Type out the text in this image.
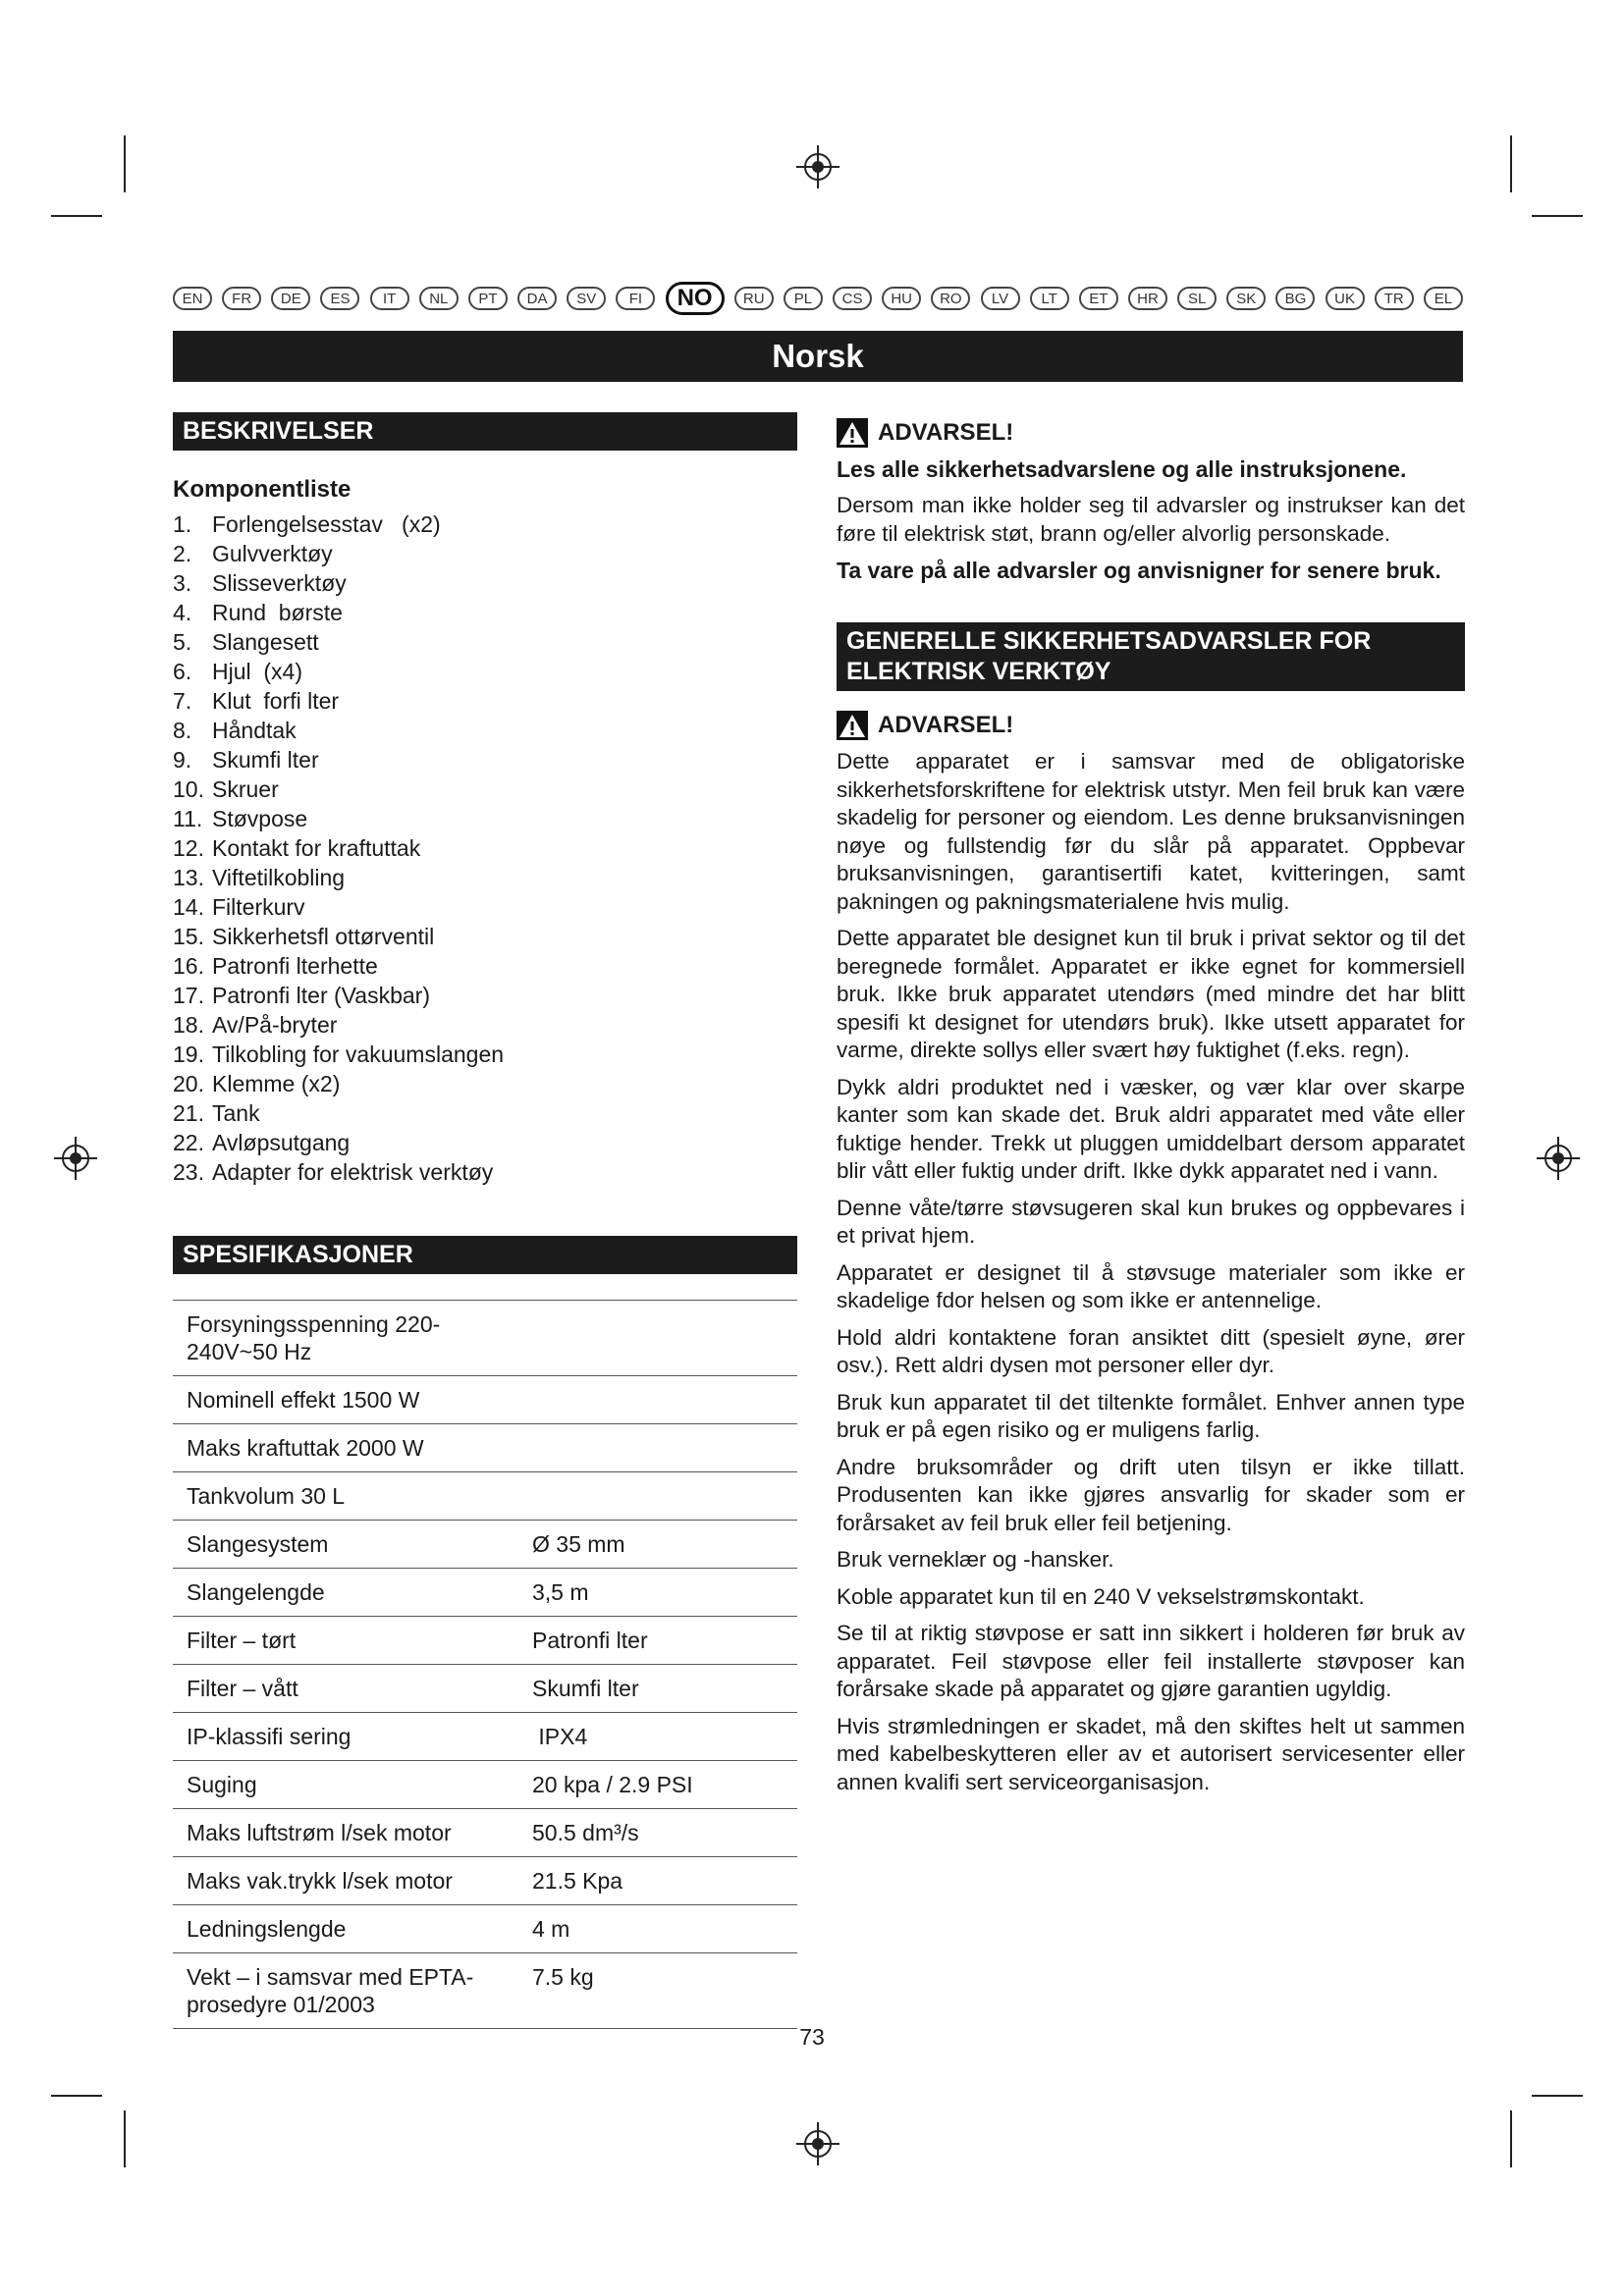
EN	FR	DE	ES	IT	NL	PT	DA	SV	FI	NO	RU	PL	CS	HU	RO	LV	LT	ET	HR	SL	SK	BG	UK	TR	EL
Norsk
BESKRIVELSER
Komponentliste
1. Forlengelsesstav   (x2)
2. Gulvverktøy
3. Slisseverktøy
4. Rund  børste
5. Slangesett
6. Hjul  (x4)
7. Klut  forfi lter
8. Håndtak
9. Skumfi lter
10. Skruer
11. Støvpose
12. Kontakt for kraftuttak
13. Viftetilkobling
14. Filterkurv
15. Sikkerhetsfl ottørventil
16. Patronfi lterhette
17. Patronfi lter (Vaskbar)
18. Av/På-bryter
19. Tilkobling for vakuumslangen
20. Klemme (x2)
21. Tank
22. Avløpsutgang
23. Adapter for elektrisk verktøy
SPESIFIKASJONER
Forsyningsspenning 220-240V~50 Hz	
Nominell effekt 1500 W	
Maks kraftuttak 2000 W	
Tankvolum 30 L	
Slangesystem	Ø 35 mm
Slangelengde	3,5 m
Filter – tørt	Patronfi lter
Filter – vått	Skumfi lter
IP-klassifi sering	IPX4
Suging	20 kpa / 2.9 PSI
Maks luftstrøm l/sek motor	50.5 dm³/s
Maks vak.trykk l/sek motor	21.5 Kpa
Ledningslengde	4 m
Vekt – i samsvar med EPTA-prosedyre 01/2003	7.5 kg
ADVARSEL!

Les alle sikkerhetsadvarslene og alle instruksjonene.

Dersom man ikke holder seg til advarsler og instrukser kan det føre til elektrisk støt, brann og/eller alvorlig personskade.

Ta vare på alle advarsler og anvisnigner for senere bruk.

GENERELLE SIKKERHETSADVARSLER FOR ELEKTRISK VERKTØY
ADVARSEL!

Dette apparatet er i samsvar med de obligatoriske sikkerhetsforskriftene for elektrisk utstyr. Men feil bruk kan være skadelig for personer og eiendom. Les denne bruksanvisningen nøye og fullstendig før du slår på apparatet. Oppbevar bruksanvisningen, garantisertifi katet, kvitteringen, samt pakningen og pakningsmaterialene hvis mulig.

Dette apparatet ble designet kun til bruk i privat sektor og til det beregnede formålet. Apparatet er ikke egnet for kommersiell bruk. Ikke bruk apparatet utendørs (med mindre det har blitt spesifi kt designet for utendørs bruk). Ikke utsett apparatet for varme, direkte sollys eller svært høy fuktighet (f.eks. regn).

Dykk aldri produktet ned i væsker, og vær klar over skarpe kanter som kan skade det. Bruk aldri apparatet med våte eller fuktige hender. Trekk ut pluggen umiddelbart dersom apparatet blir vått eller fuktig under drift. Ikke dykk apparatet ned i vann.

Denne våte/tørre støvsugeren skal kun brukes og oppbevares i et privat hjem.

Apparatet er designet til å støvsuge materialer som ikke er skadelige fdor helsen og som ikke er antennelige.

Hold aldri kontaktene foran ansiktet ditt (spesielt øyne, ører osv.). Rett aldri dysen mot personer eller dyr.

Bruk kun apparatet til det tiltenkte formålet. Enhver annen type bruk er på egen risiko og er muligens farlig.

Andre bruksområder og drift uten tilsyn er ikke tillatt. Produsenten kan ikke gjøres ansvarlig for skader som er forårsaket av feil bruk eller feil betjening.

Bruk verneklær og -hansker.

Koble apparatet kun til en 240 V vekselstrømskontakt.

Se til at riktig støvpose er satt inn sikkert i holderen før bruk av apparatet. Feil støvpose eller feil installerte støvposer kan forårsake skade på apparatet og gjøre garantien ugyldig.

Hvis strømledningen er skadet, må den skiftes helt ut sammen med kabelbeskytteren eller av et autorisert servicesenter eller annen kvalifi sert serviceorganisasjon.

73
